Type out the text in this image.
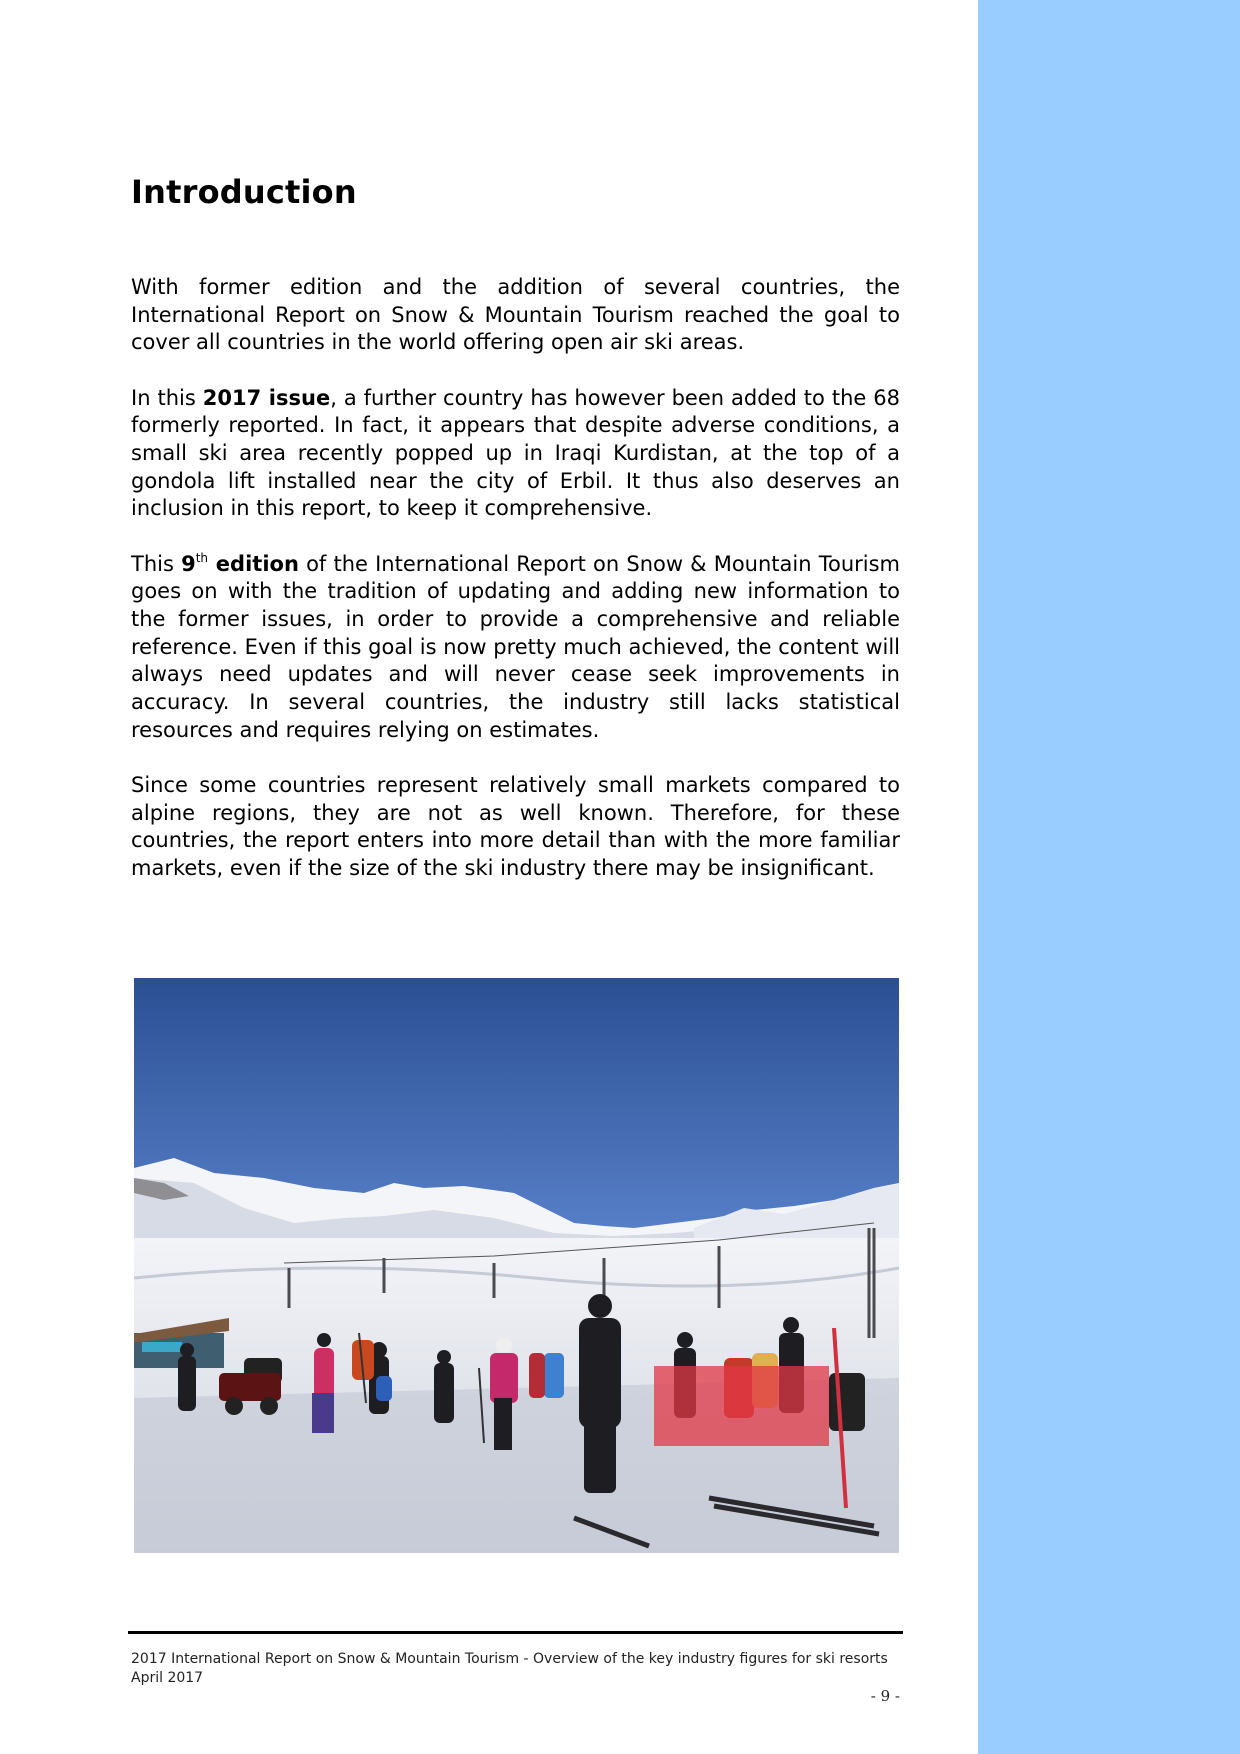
Introduction

With former edition and the addition of several countries, the International Report on Snow & Mountain Tourism reached the goal to cover all countries in the world offering open air ski areas.

In this 2017 issue, a further country has however been added to the 68 formerly reported. In fact, it appears that despite adverse conditions, a small ski area recently popped up in Iraqi Kurdistan, at the top of a gondola lift installed near the city of Erbil. It thus also deserves an inclusion in this report, to keep it comprehensive.

This 9th edition of the International Report on Snow & Mountain Tourism goes on with the tradition of updating and adding new information to the former issues, in order to provide a comprehensive and reliable reference. Even if this goal is now pretty much achieved, the content will always need updates and will never cease seek improvements in accuracy. In several countries, the industry still lacks statistical resources and requires relying on estimates.

Since some countries represent relatively small markets compared to alpine regions, they are not as well known. Therefore, for these countries, the report enters into more detail than with the more familiar markets, even if the size of the ski industry there may be insignificant.

2017 International Report on Snow & Mountain Tourism - Overview of the key industry figures for ski resorts

April 2017

- 9 -
